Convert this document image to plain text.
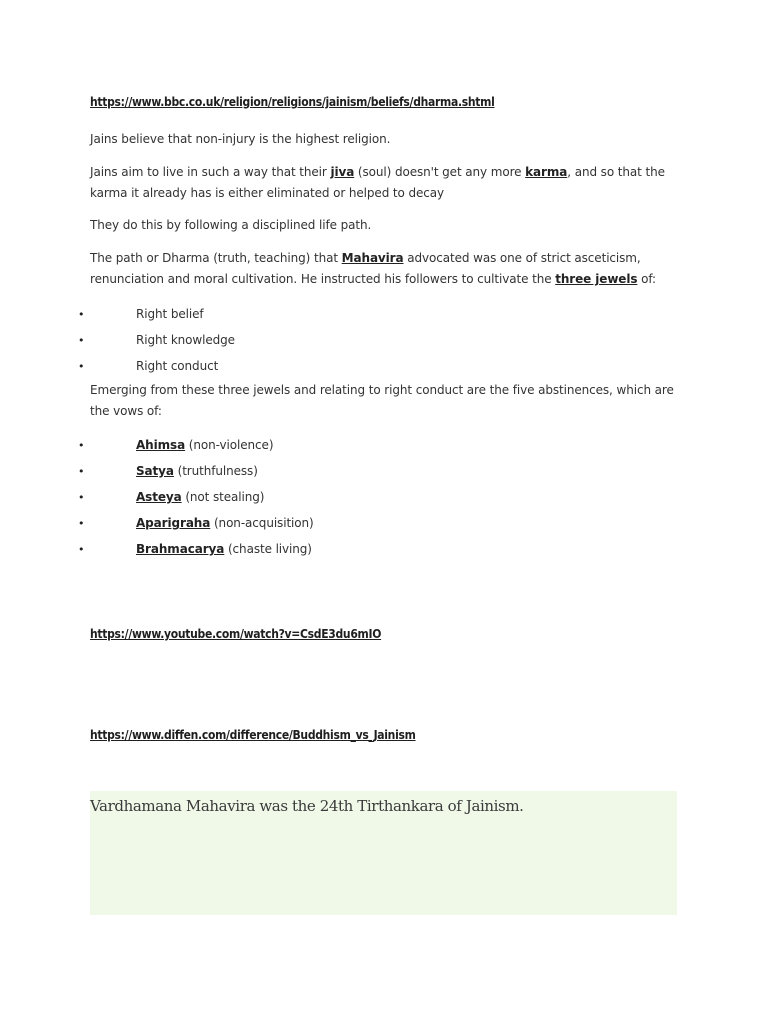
https://www.bbc.co.uk/religion/religions/jainism/beliefs/dharma.shtml
Jains believe that non-injury is the highest religion.
Jains aim to live in such a way that their jiva (soul) doesn't get any more karma, and so that the karma it already has is either eliminated or helped to decay
They do this by following a disciplined life path.
The path or Dharma (truth, teaching) that Mahavira advocated was one of strict asceticism, renunciation and moral cultivation. He instructed his followers to cultivate the three jewels of:
•	Right belief
•	Right knowledge
•	Right conduct
Emerging from these three jewels and relating to right conduct are the five abstinences, which are the vows of:
•	Ahimsa (non-violence)
•	Satya (truthfulness)
•	Asteya (not stealing)
•	Aparigraha (non-acquisition)
•	Brahmacarya (chaste living)
https://www.youtube.com/watch?v=CsdE3du6mIO
https://www.diffen.com/difference/Buddhism_vs_Jainism
Vardhamana Mahavira was the 24th Tirthankara of Jainism.
